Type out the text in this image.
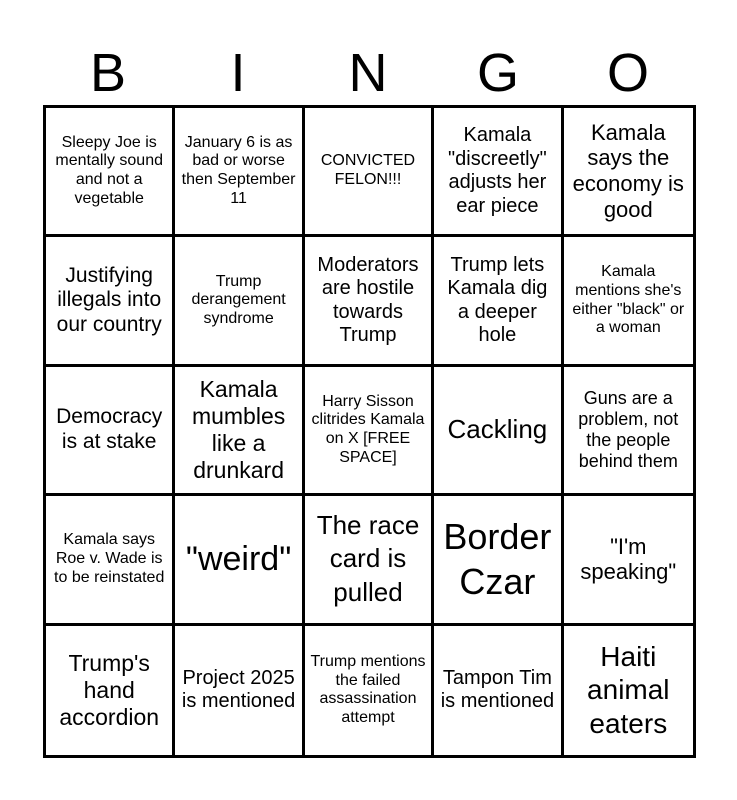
B	I	N	G	O
Sleepy Joe is mentally sound and not a vegetable
January 6 is as bad or worse then September 11
CONVICTED FELON!!!
Kamala "discreetly" adjusts her ear piece
Kamala says the economy is good
Justifying illegals into our country
Trump derangement syndrome
Moderators are hostile towards Trump
Trump lets Kamala dig a deeper hole
Kamala mentions she's either "black" or a woman
Democracy is at stake
Kamala mumbles like a drunkard
Harry Sisson clitrides Kamala on X [FREE SPACE]
Cackling
Guns are a problem, not the people behind them
Kamala says Roe v. Wade is to be reinstated "weird"
The race card is pulled
Border Czar
"I'm speaking"
Trump's hand accordion
Project 2025 is mentioned
Trump mentions the failed assassination attempt
Tampon Tim is mentioned
Haiti animal eaters
